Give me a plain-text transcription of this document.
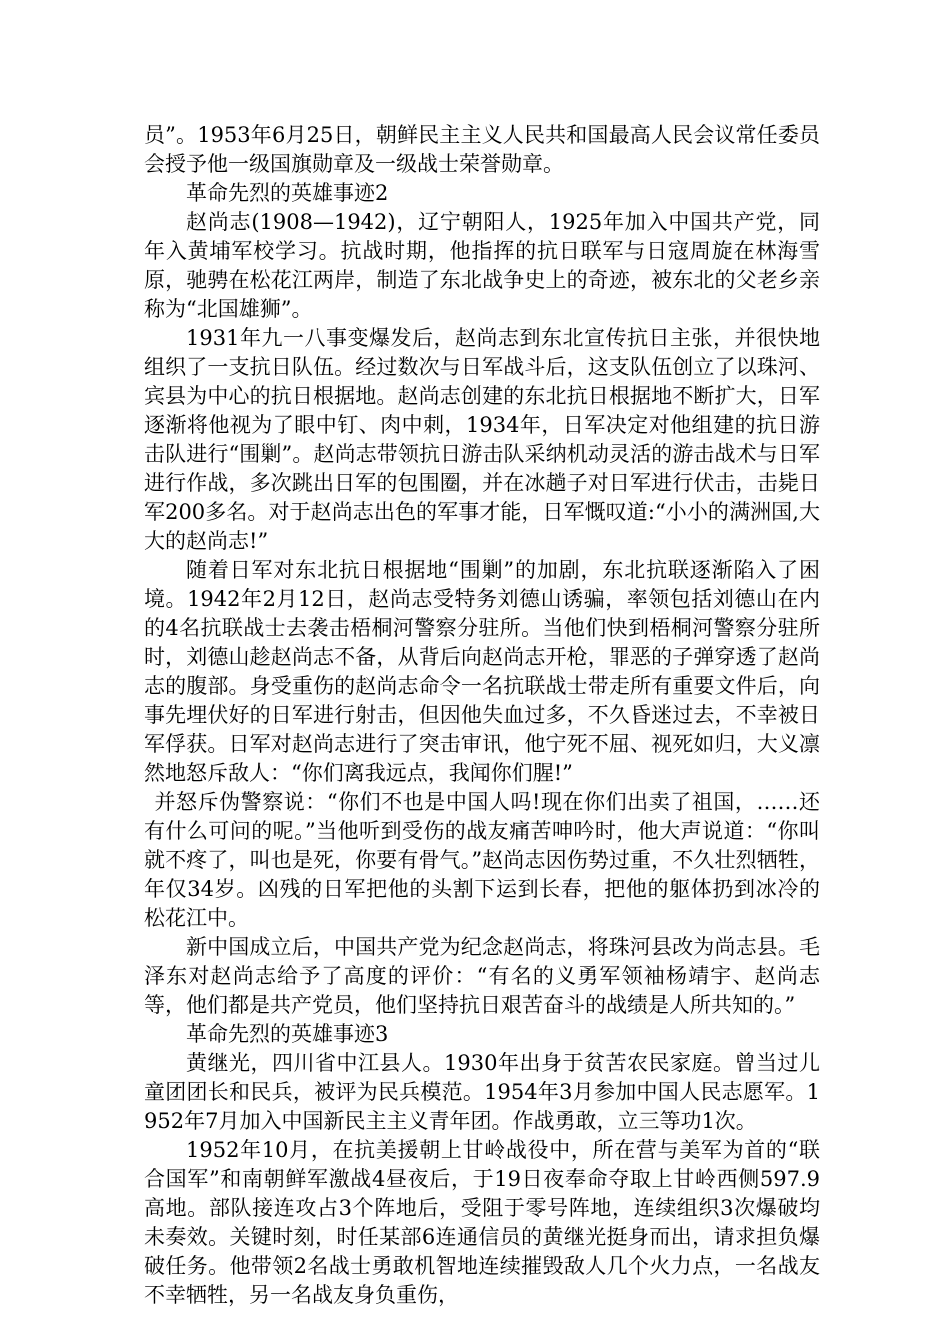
员”。1953年6月25日，朝鲜民主主义人民共和国最高人民会议常任委员会授予他一级国旗勋章及一级战士荣誉勋章。

革命先烈的英雄事迹2

赵尚志(1908—1942)，辽宁朝阳人，1925年加入中国共产党，同年入黄埔军校学习。抗战时期，他指挥的抗日联军与日寇周旋在林海雪原，驰骋在松花江两岸，制造了东北战争史上的奇迹，被东北的父老乡亲称为“北国雄狮”。

1931年九一八事变爆发后，赵尚志到东北宣传抗日主张，并很快地组织了一支抗日队伍。经过数次与日军战斗后，这支队伍创立了以珠河、宾县为中心的抗日根据地。赵尚志创建的东北抗日根据地不断扩大，日军逐渐将他视为了眼中钉、肉中刺，1934年，日军决定对他组建的抗日游击队进行“围剿”。赵尚志带领抗日游击队采纳机动灵活的游击战术与日军进行作战，多次跳出日军的包围圈，并在冰趟子对日军进行伏击，击毙日军200多名。对于赵尚志出色的军事才能，日军慨叹道:“小小的满洲国,大大的赵尚志!”

随着日军对东北抗日根据地“围剿”的加剧，东北抗联逐渐陷入了困境。1942年2月12日，赵尚志受特务刘德山诱骗，率领包括刘德山在内的4名抗联战士去袭击梧桐河警察分驻所。当他们快到梧桐河警察分驻所时，刘德山趁赵尚志不备，从背后向赵尚志开枪，罪恶的子弹穿透了赵尚志的腹部。身受重伤的赵尚志命令一名抗联战士带走所有重要文件后，向事先埋伏好的日军进行射击，但因他失血过多，不久昏迷过去，不幸被日军俘获。日军对赵尚志进行了突击审讯，他宁死不屈、视死如归，大义凛然地怒斥敌人：“你们离我远点，我闻你们腥!”

并怒斥伪警察说：“你们不也是中国人吗!现在你们出卖了祖国，……还有什么可问的呢。”当他听到受伤的战友痛苦呻吟时，他大声说道：“你叫就不疼了，叫也是死，你要有骨气。”赵尚志因伤势过重，不久壮烈牺牲，年仅34岁。凶残的日军把他的头割下运到长春，把他的躯体扔到冰冷的松花江中。

新中国成立后，中国共产党为纪念赵尚志，将珠河县改为尚志县。毛泽东对赵尚志给予了高度的评价：“有名的义勇军领袖杨靖宇、赵尚志等，他们都是共产党员，他们坚持抗日艰苦奋斗的战绩是人所共知的。”

革命先烈的英雄事迹3

黄继光，四川省中江县人。1930年出身于贫苦农民家庭。曾当过儿童团团长和民兵，被评为民兵模范。1954年3月参加中国人民志愿军。1952年7月加入中国新民主主义青年团。作战勇敢，立三等功1次。

1952年10月，在抗美援朝上甘岭战役中，所在营与美军为首的“联合国军”和南朝鲜军激战4昼夜后，于19日夜奉命夺取上甘岭西侧597.9高地。部队接连攻占3个阵地后，受阻于零号阵地，连续组织3次爆破均未奏效。关键时刻，时任某部6连通信员的黄继光挺身而出，请求担负爆破任务。他带领2名战士勇敢机智地连续摧毁敌人几个火力点，一名战友不幸牺牲，另一名战友身负重伤，
